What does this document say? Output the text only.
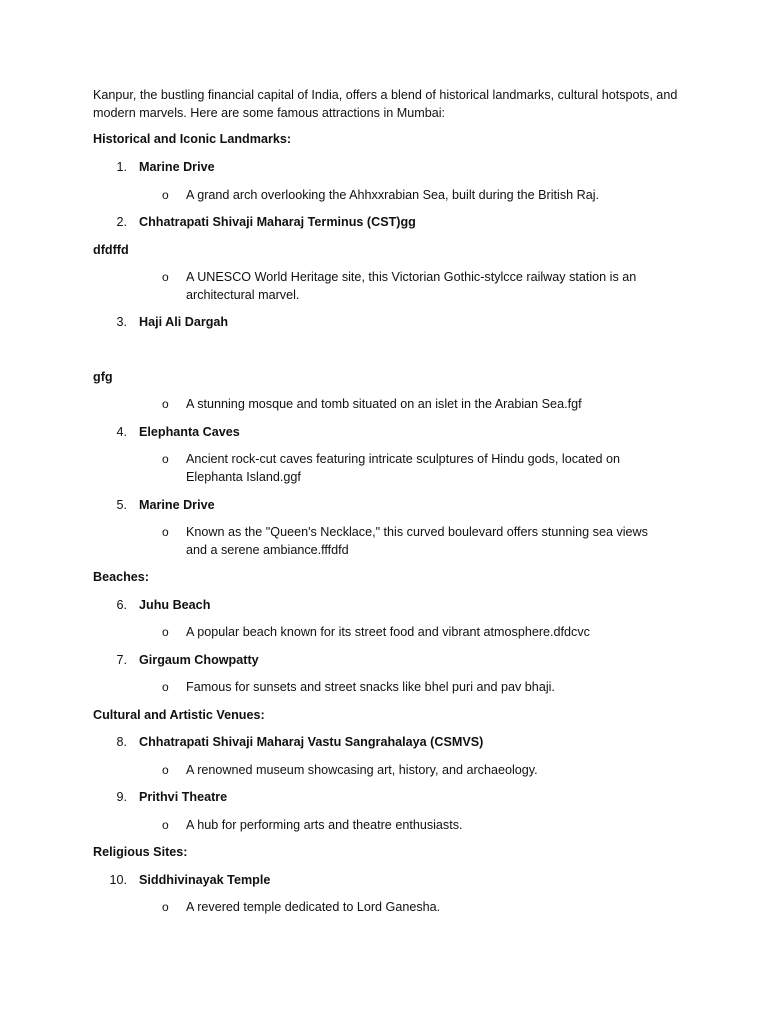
Kanpur, the bustling financial capital of India, offers a blend of historical landmarks, cultural hotspots, and modern marvels. Here are some famous attractions in Mumbai:
Historical and Iconic Landmarks:
1. Marine Drive
o A grand arch overlooking the Ahhxxrabian Sea, built during the British Raj.
2. Chhatrapati Shivaji Maharaj Terminus (CST)gg
dfdffd
o A UNESCO World Heritage site, this Victorian Gothic-stylcce railway station is an architectural marvel.
3. Haji Ali Dargah
gfg
o A stunning mosque and tomb situated on an islet in the Arabian Sea.fgf
4. Elephanta Caves
o Ancient rock-cut caves featuring intricate sculptures of Hindu gods, located on Elephanta Island.ggf
5. Marine Drive
o Known as the "Queen's Necklace," this curved boulevard offers stunning sea views and a serene ambiance.fffdfd
Beaches:
6. Juhu Beach
o A popular beach known for its street food and vibrant atmosphere.dfdcvc
7. Girgaum Chowpatty
o Famous for sunsets and street snacks like bhel puri and pav bhaji.
Cultural and Artistic Venues:
8. Chhatrapati Shivaji Maharaj Vastu Sangrahalaya (CSMVS)
o A renowned museum showcasing art, history, and archaeology.
9. Prithvi Theatre
o A hub for performing arts and theatre enthusiasts.
Religious Sites:
10. Siddhivinayak Temple
o A revered temple dedicated to Lord Ganesha.
